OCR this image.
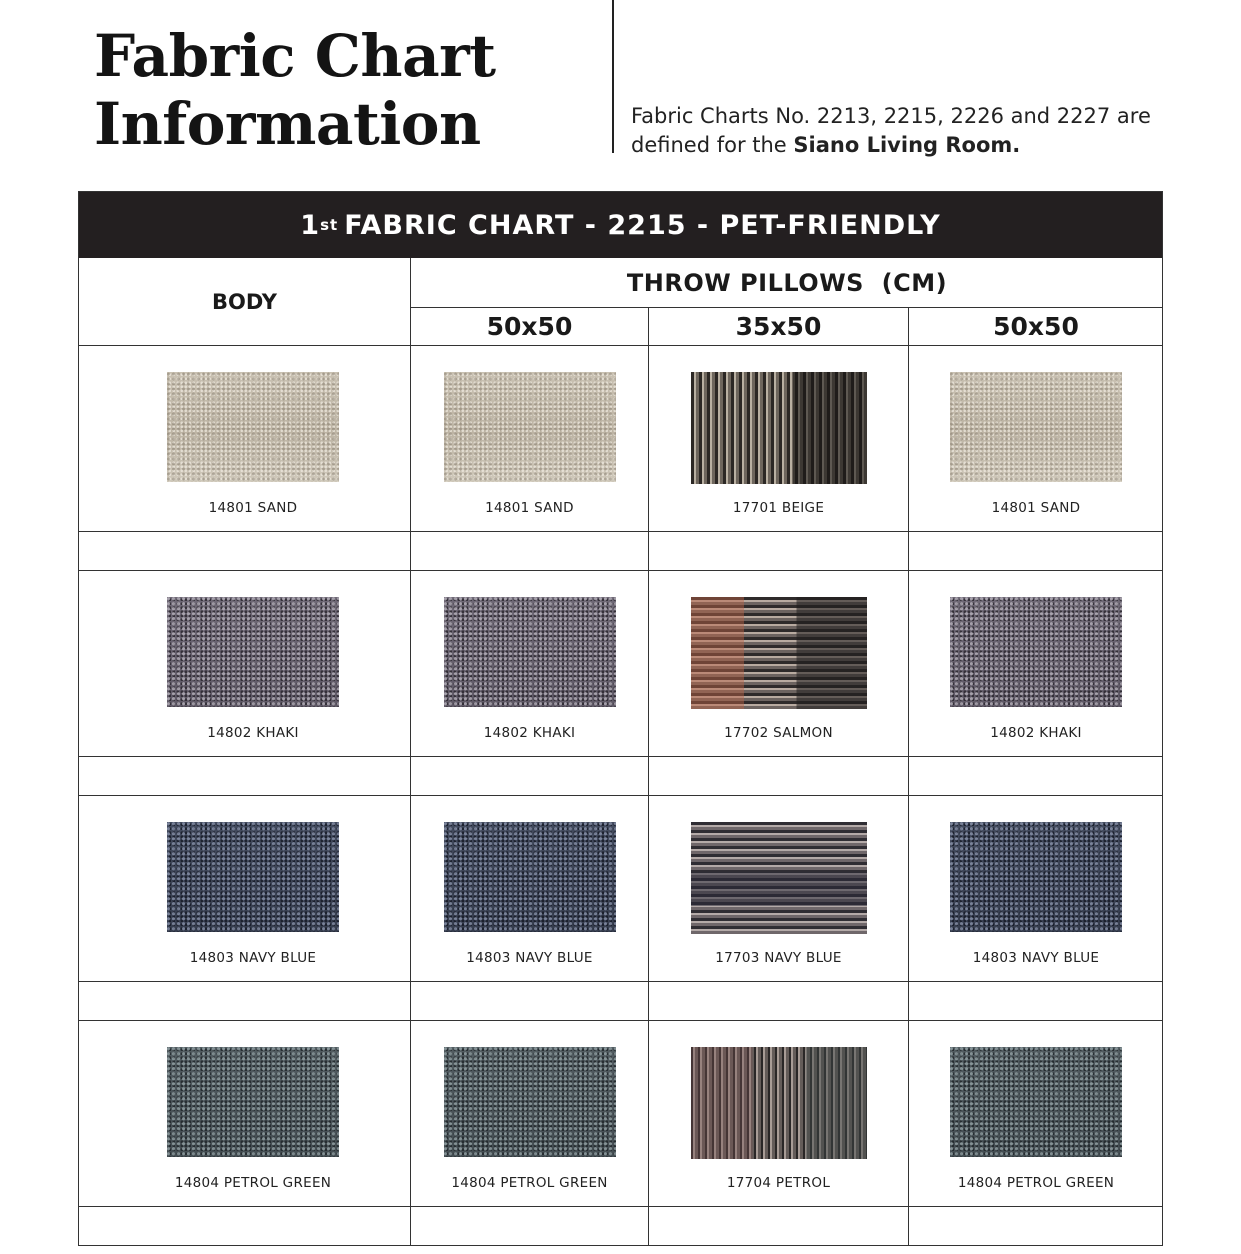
Fabric Chart
Information	Fabric Charts No. 2213, 2215, 2226 and 2227 are defined for the Siano Living Room.

1 st FABRIC CHART - 2215 - PET-FRIENDLY
BODY
THROW PILLOWS  (CM)
50x50	35x50	50x50
14801 SAND	14801 SAND	17701 BEIGE	14801 SAND
14802 KHAKI	14802 KHAKI	17702 SALMON	14802 KHAKI
14803 NAVY BLUE	14803 NAVY BLUE	17703 NAVY BLUE	14803 NAVY BLUE
14804 PETROL GREEN	14804 PETROL GREEN	17704 PETROL	14804 PETROL GREEN
